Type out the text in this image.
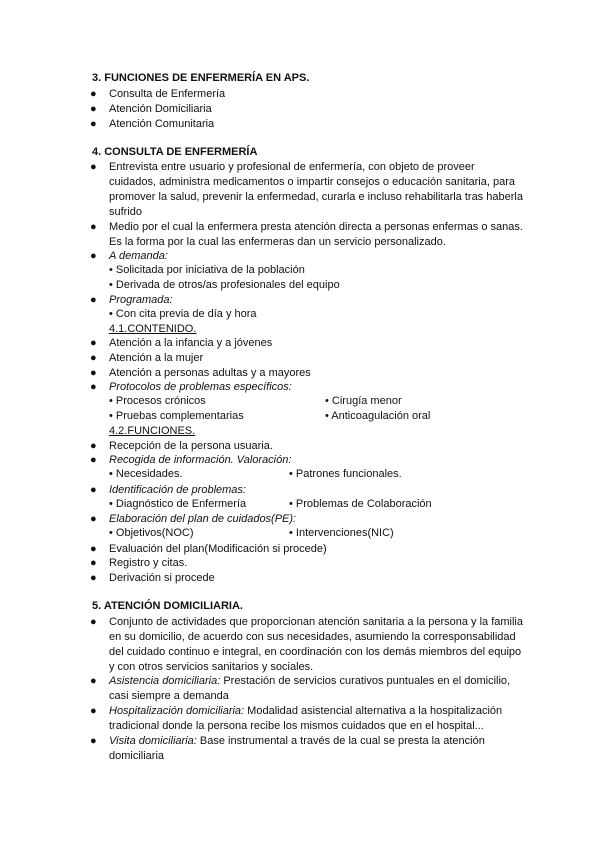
3. FUNCIONES DE ENFERMERÍA EN APS.
● Consulta de Enfermería
● Atención Domiciliaria
● Atención Comunitaria
4. CONSULTA DE ENFERMERÍA
● Entrevista entre usuario y profesional de enfermería, con objeto de proveer
cuidados, administra medicamentos o impartir consejos o educación sanitaria, para
promover la salud, prevenir la enfermedad, curarla e incluso rehabilitarla tras haberla
sufrido
● Medio por el cual la enfermera presta atención directa a personas enfermas o sanas.
Es la forma por la cual las enfermeras dan un servicio personalizado.
● A demanda:
• Solicitada por iniciativa de la población
• Derivada de otros/as profesionales del equipo
● Programada:
• Con cita previa de día y hora
4.1.CONTENIDO.
● Atención a la infancia y a jóvenes
● Atención a la mujer
● Atención a personas adultas y a mayores
● Protocolos de problemas específicos:
• Procesos crónicos	• Cirugía menor
• Pruebas complementarias	• Anticoagulación oral
4.2.FUNCIONES.
● Recepción de la persona usuaria.
● Recogida de información. Valoración:
• Necesidades.	• Patrones funcionales.
● Identificación de problemas:
• Diagnóstico de Enfermería	• Problemas de Colaboración
● Elaboración del plan de cuidados(PE):
• Objetivos(NOC)	• Intervenciones(NIC)
● Evaluación del plan(Modificación si procede)
● Registro y citas.
● Derivación si procede
5. ATENCIÓN DOMICILIARIA.
● Conjunto de actividades que proporcionan atención sanitaria a la persona y la familia
en su domicilio, de acuerdo con sus necesidades, asumiendo la corresponsabilidad
del cuidado continuo e integral, en coordinación con los demás miembros del equipo
y con otros servicios sanitarios y sociales.
● Asistencia domiciliaria: Prestación de servicios curativos puntuales en el domicilio,
casi siempre a demanda
● Hospitalización domiciliaria: Modalidad asistencial alternativa a la hospitalización
tradicional donde la persona recibe los mismos cuidados que en el hospital...
● Visita domiciliaria: Base instrumental a través de la cual se presta la atención
domiciliaria
